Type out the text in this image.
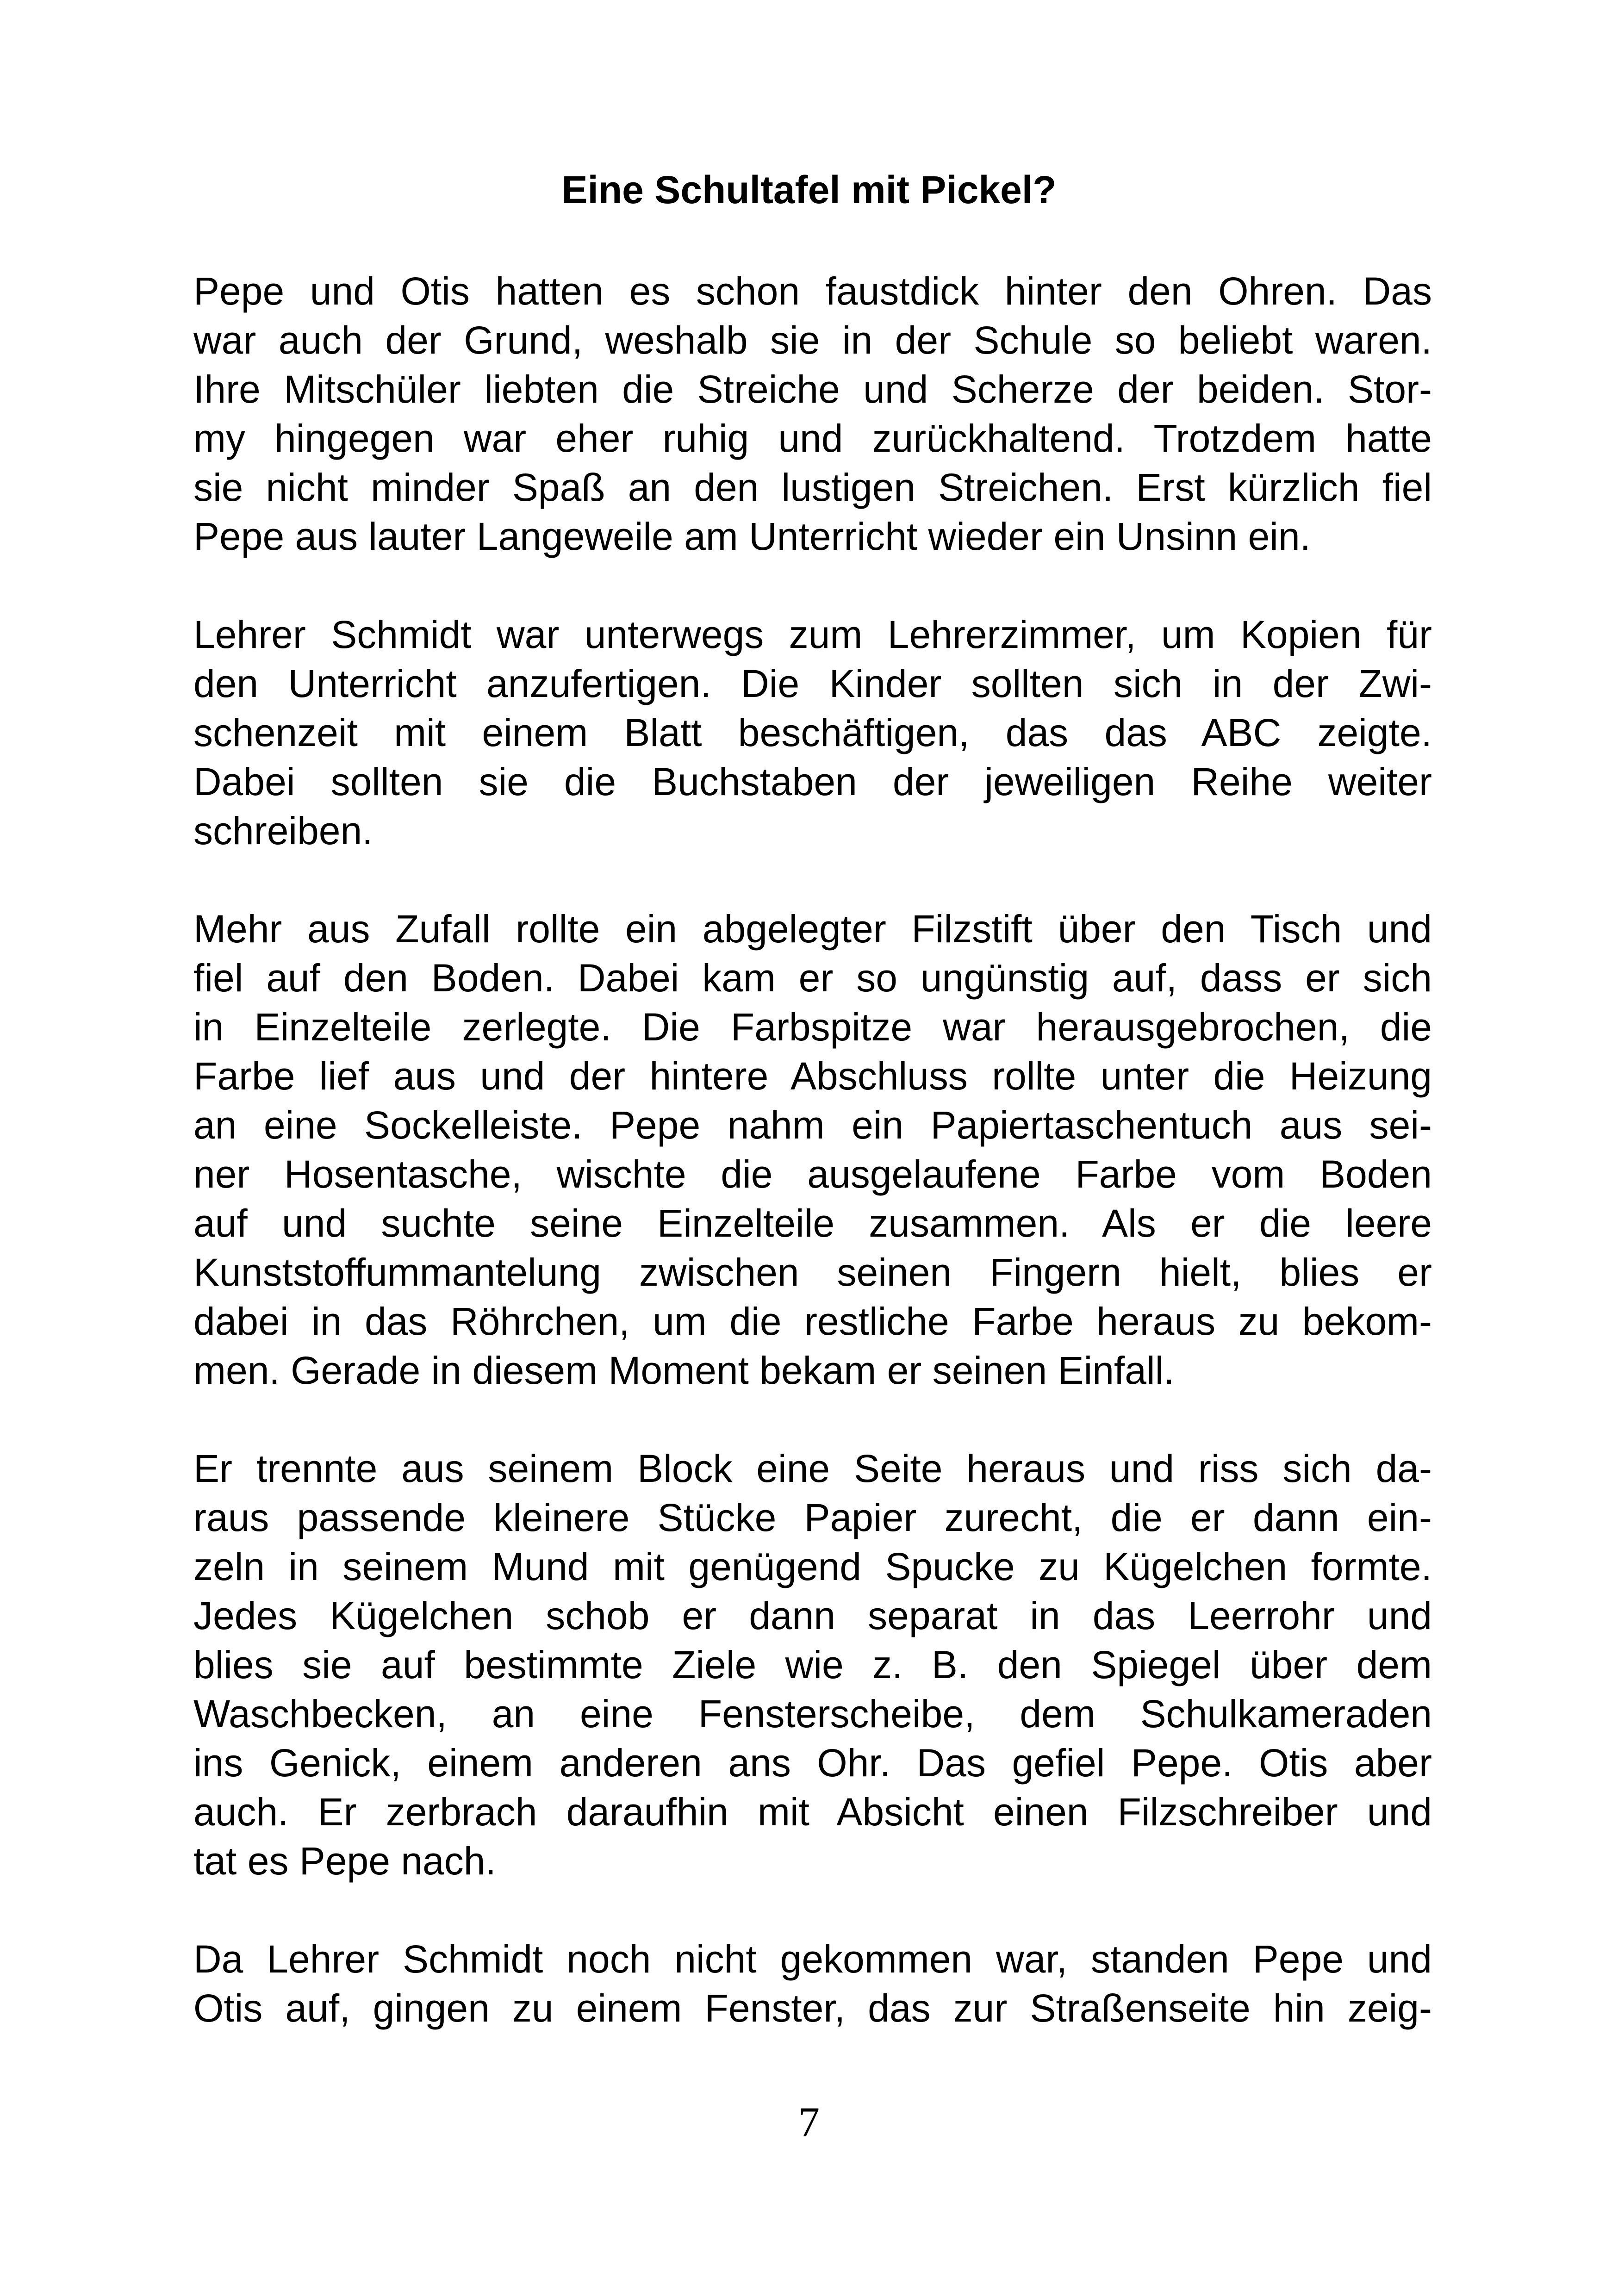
Eine Schultafel mit Pickel?

Pepe und Otis hatten es schon faustdick hinter den Ohren. Das
war auch der Grund, weshalb sie in der Schule so beliebt waren.
Ihre Mitschüler liebten die Streiche und Scherze der beiden. Stor-
my hingegen war eher ruhig und zurückhaltend. Trotzdem hatte
sie nicht minder Spaß an den lustigen Streichen. Erst kürzlich fiel
Pepe aus lauter Langeweile am Unterricht wieder ein Unsinn ein.

Lehrer Schmidt war unterwegs zum Lehrerzimmer, um Kopien für
den Unterricht anzufertigen. Die Kinder sollten sich in der Zwi-
schenzeit mit einem Blatt beschäftigen, das das ABC zeigte.
Dabei sollten sie die Buchstaben der jeweiligen Reihe weiter
schreiben.

Mehr aus Zufall rollte ein abgelegter Filzstift über den Tisch und
fiel auf den Boden. Dabei kam er so ungünstig auf, dass er sich
in Einzelteile zerlegte. Die Farbspitze war herausgebrochen, die
Farbe lief aus und der hintere Abschluss rollte unter die Heizung
an eine Sockelleiste. Pepe nahm ein Papiertaschentuch aus sei-
ner Hosentasche, wischte die ausgelaufene Farbe vom Boden
auf und suchte seine Einzelteile zusammen. Als er die leere
Kunststoffummantelung zwischen seinen Fingern hielt, blies er
dabei in das Röhrchen, um die restliche Farbe heraus zu bekom-
men. Gerade in diesem Moment bekam er seinen Einfall.

Er trennte aus seinem Block eine Seite heraus und riss sich da-
raus passende kleinere Stücke Papier zurecht, die er dann ein-
zeln in seinem Mund mit genügend Spucke zu Kügelchen formte.
Jedes Kügelchen schob er dann separat in das Leerrohr und
blies sie auf bestimmte Ziele wie z. B. den Spiegel über dem
Waschbecken, an eine Fensterscheibe, dem Schulkameraden
ins Genick, einem anderen ans Ohr. Das gefiel Pepe. Otis aber
auch. Er zerbrach daraufhin mit Absicht einen Filzschreiber und
tat es Pepe nach.

Da Lehrer Schmidt noch nicht gekommen war, standen Pepe und
Otis auf, gingen zu einem Fenster, das zur Straßenseite hin zeig-

7
